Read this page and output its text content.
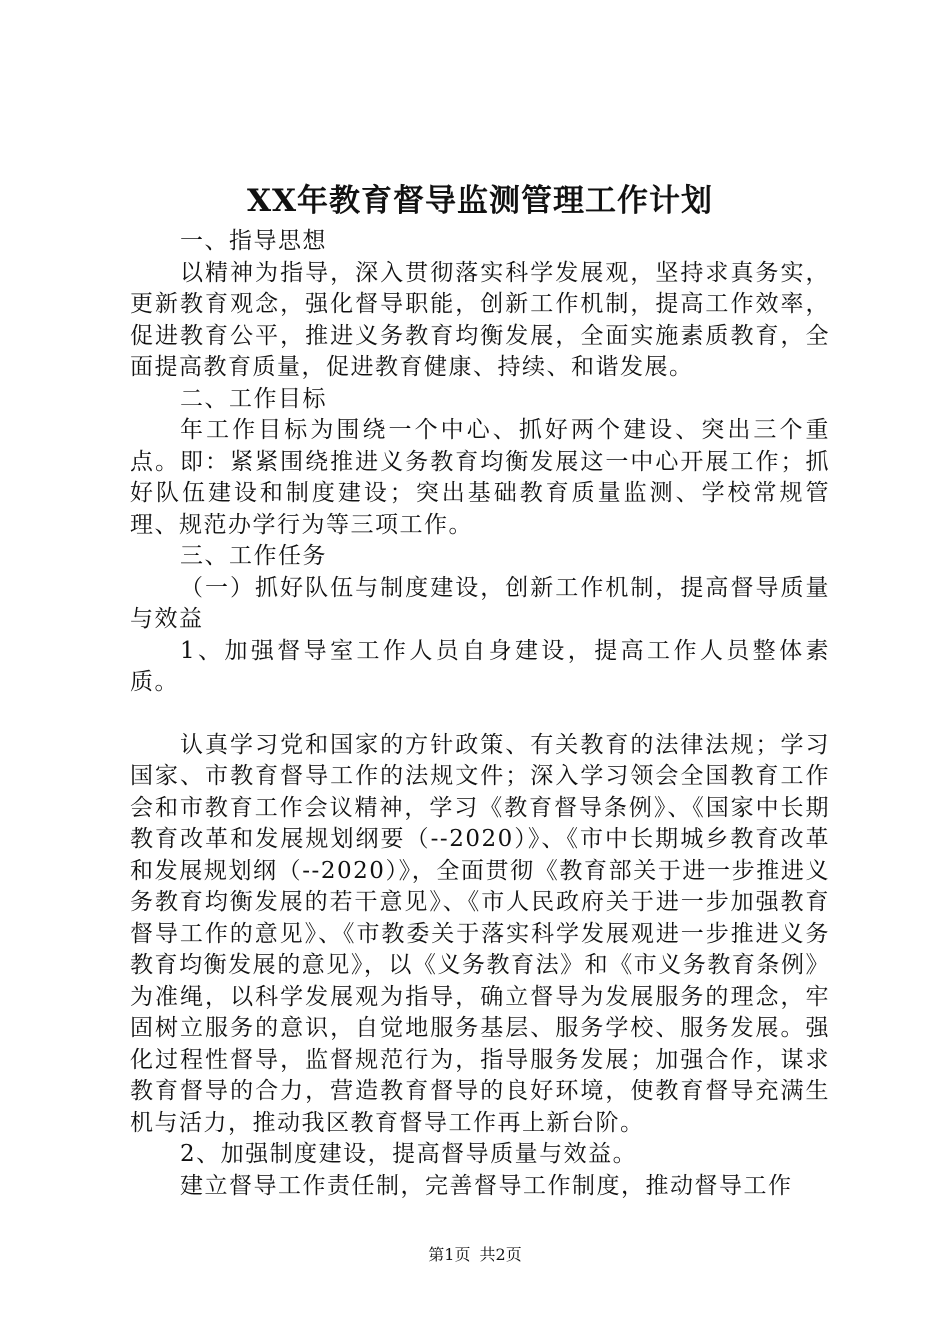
XX年教育督导监测管理工作计划

一、指导思想

以精神为指导，深入贯彻落实科学发展观，坚持求真务实，更新教育观念，强化督导职能，创新工作机制，提高工作效率，促进教育公平，推进义务教育均衡发展，全面实施素质教育，全面提高教育质量，促进教育健康、持续、和谐发展。

二、工作目标

年工作目标为围绕一个中心、抓好两个建设、突出三个重点。即：紧紧围绕推进义务教育均衡发展这一中心开展工作；抓好队伍建设和制度建设；突出基础教育质量监测、学校常规管理、规范办学行为等三项工作。

三、工作任务

（一）抓好队伍与制度建设，创新工作机制，提高督导质量与效益

1、加强督导室工作人员自身建设，提高工作人员整体素质。

认真学习党和国家的方针政策、有关教育的法律法规；学习国家、市教育督导工作的法规文件；深入学习领会全国教育工作会和市教育工作会议精神，学习《教育督导条例》、《国家中长期教育改革和发展规划纲要（--2020）》、《市中长期城乡教育改革和发展规划纲（--2020）》，全面贯彻《教育部关于进一步推进义务教育均衡发展的若干意见》、《市人民政府关于进一步加强教育督导工作的意见》、《市教委关于落实科学发展观进一步推进义务教育均衡发展的意见》，以《义务教育法》和《市义务教育条例》为准绳，以科学发展观为指导，确立督导为发展服务的理念，牢固树立服务的意识，自觉地服务基层、服务学校、服务发展。强化过程性督导，监督规范行为，指导服务发展；加强合作，谋求教育督导的合力，营造教育督导的良好环境，使教育督导充满生机与活力，推动我区教育督导工作再上新台阶。

2、加强制度建设，提高督导质量与效益。

建立督导工作责任制，完善督导工作制度，推动督导工作

第1页 共2页
